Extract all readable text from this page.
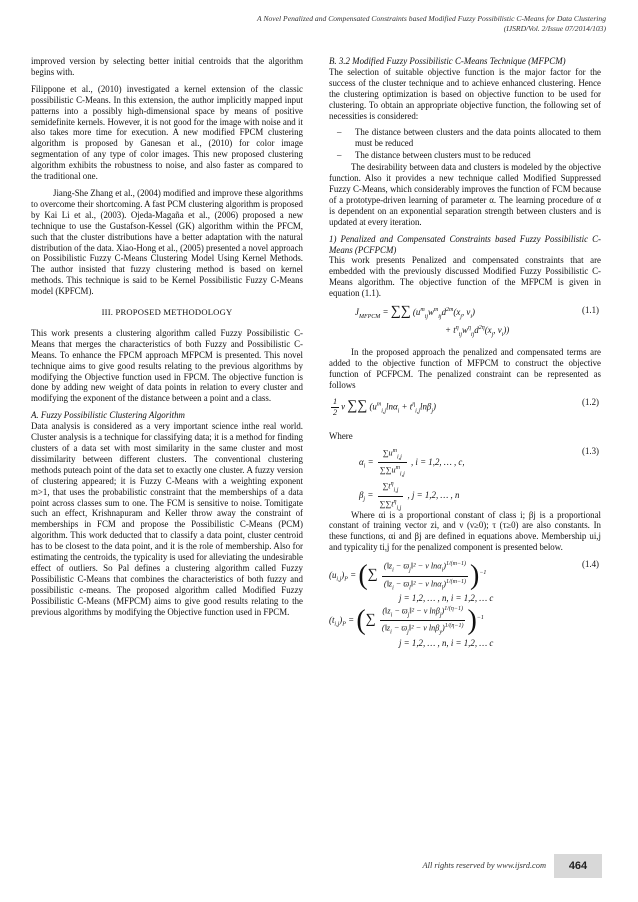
A Novel Penalized and Compensated Constraints based Modified Fuzzy Possibilistic C-Means for Data Clustering
(IJSRD/Vol. 2/Issue 07/2014/103)

improved version by selecting better initial centroids that the algorithm begins with.

Filippone et al., (2010) investigated a kernel extension of the classic possibilistic C-Means. In this extension, the author implicitly mapped input patterns into a possibly high-dimensional space by means of positive semidefinite kernels. However, it is not good for the image with noise and it also takes more time for execution. A new modified FPCM clustering algorithm is proposed by Ganesan et al., (2010) for color image segmentation of any type of color images. This new proposed clustering algorithm exhibits the robustness to noise, and also faster as compared to the traditional one.

Jiang-She Zhang et al., (2004) modified and improve these algorithms to overcome their shortcoming. A fast PCM clustering algorithm is proposed by Kai Li et al., (2003). Ojeda-Magaña et al., (2006) proposed a new technique to use the Gustafson-Kessel (GK) algorithm within the PFCM, such that the cluster distributions have a better adaptation with the natural distribution of the data. Xiao-Hong et al., (2005) presented a novel approach on Possibilistic Fuzzy C-Means Clustering Model Using Kernel Methods. The author insisted that fuzzy clustering method is based on kernel methods. This technique is said to be Kernel Possibilistic Fuzzy C-Means model (KPFCM).

III. PROPOSED METHODOLOGY

This work presents a clustering algorithm called Fuzzy Possibilistic C-Means that merges the characteristics of both Fuzzy and Possibilistic C-Means. To enhance the FPCM approach MFPCM is presented. This novel technique aims to give good results relating to the previous algorithms by modifying the Objective function used in FPCM. The objective function is done by adding new weight of data points in relation to every cluster and modifying the exponent of the distance between a point and a class.

A. Fuzzy Possibilistic Clustering Algorithm

Data analysis is considered as a very important science inthe real world. Cluster analysis is a technique for classifying data; it is a method for finding clusters of a data set with most similarity in the same cluster and most dissimilarity between different clusters. The conventional clustering methods puteach point of the data set to exactly one cluster. A fuzzy version of clustering appeared; it is Fuzzy C-Means with a weighting exponent m>1, that uses the probabilistic constraint that the memberships of a data point across classes sum to one. The FCM is sensitive to noise. Tomitigate such an effect, Krishnapuram and Keller throw away the constraint of memberships in FCM and propose the Possibilistic C-Means (PCM) algorithm. This work deducted that to classify a data point, cluster centroid has to be closest to the data point, and it is the role of membership. Also for estimating the centroids, the typicality is used for alleviating the undesirable effect of outliers. So Pal defines a clustering algorithm called Fuzzy Possibilistic C-Means that combines the characteristics of both fuzzy and possibilistic c-means. The proposed algorithm called Modified Fuzzy Possibilistic C-Means (MFPCM) aims to give good results relating to the previous algorithms by modifying the Objective function used in FPCM.

B. 3.2 Modified Fuzzy Possibilistic C-Means Technique (MFPCM)

The selection of suitable objective function is the major factor for the success of the cluster technique and to achieve enhanced clustering. Hence the clustering optimization is based on objective function to be used for clustering. To obtain an appropriate objective function, the following set of necessities is considered:

–	The distance between clusters and the data points allocated to them must be reduced
–	The distance between clusters must to be reduced

The desirability between data and clusters is modeled by the objective function. Also it provides a new technique called Modified Suppressed Fuzzy C-Means, which considerably improves the function of FCM because of a prototype-driven learning of parameter α. The learning procedure of α is dependent on an exponential separation strength between clusters and is updated at every iteration.

1) Penalized and Compensated Constraints based Fuzzy Possibilistic C-Means (PCFPCM)

This work presents Penalized and compensated constraints that are embedded with the previously discussed Modified Fuzzy Possibilistic C-Means algorithm. The objective function of the MFPCM is given in equation (1.1).

(1.1)
$J_{MFPCM}$ = ∑∑ ($u^m_{ij}w^m_{ij}d^{2m}(x_j$, $v_i$)
+ $t^\eta_{ij}w^\eta_{ij}d^{2\eta}(x_j$, $v_i$))

In the proposed approach the penalized and compensated terms are added to the objective function of MFPCM to construct the objective function of PCFPCM. The penalized constraint can be represented as follows

(1.2)
$\frac{1}{2}$ ν ∑∑ $(u^m_{i,j}\ln\alpha_i + t^\eta_{i,j}\ln\beta_j)$

Where

(1.3)
$\alpha_i = \frac{\sum u^m_{i,j}}{\sum\sum u^m_{i,j}}$ , i = 1,2, … , c,
$\beta_j = \frac{\sum t^\eta_{i,j}}{\sum\sum t^\eta_{i,j}}$ , j = 1,2, … , n

Where αi is a proportional constant of class i; βj is a proportional constant of training vector zi, and ν (ν≥0); τ (τ≥0) are also constants. In these functions, αi and βj are defined in equations above. Membership ui,j and typicality ti,j for the penalized component is presented below.

(1.4)
$(u_{i,j})_P$ = (∑ $\frac{(‖z_i - ϖ_j‖^2 - \nu \ln\alpha_i)^{1/(m-1)}}{(‖z_i - ϖ_l‖^2 - \nu \ln\alpha_l)^{1/(m-1)}} )^{-1}$
j = 1,2, … , n, i = 1,2, … c
$(t_{i,j})_P$ = (∑ $\frac{(‖z_i - ϖ_j‖^2 - \nu \ln\beta_j)^{1/(\eta-1)}}{(‖z_i - ϖ_j‖^2 - \nu \ln\beta_y)^{1/(\eta-1)}} )^{-1}$
j = 1,2, … , n, i = 1,2, … c
All rights reserved by www.ijsrd.com	464
